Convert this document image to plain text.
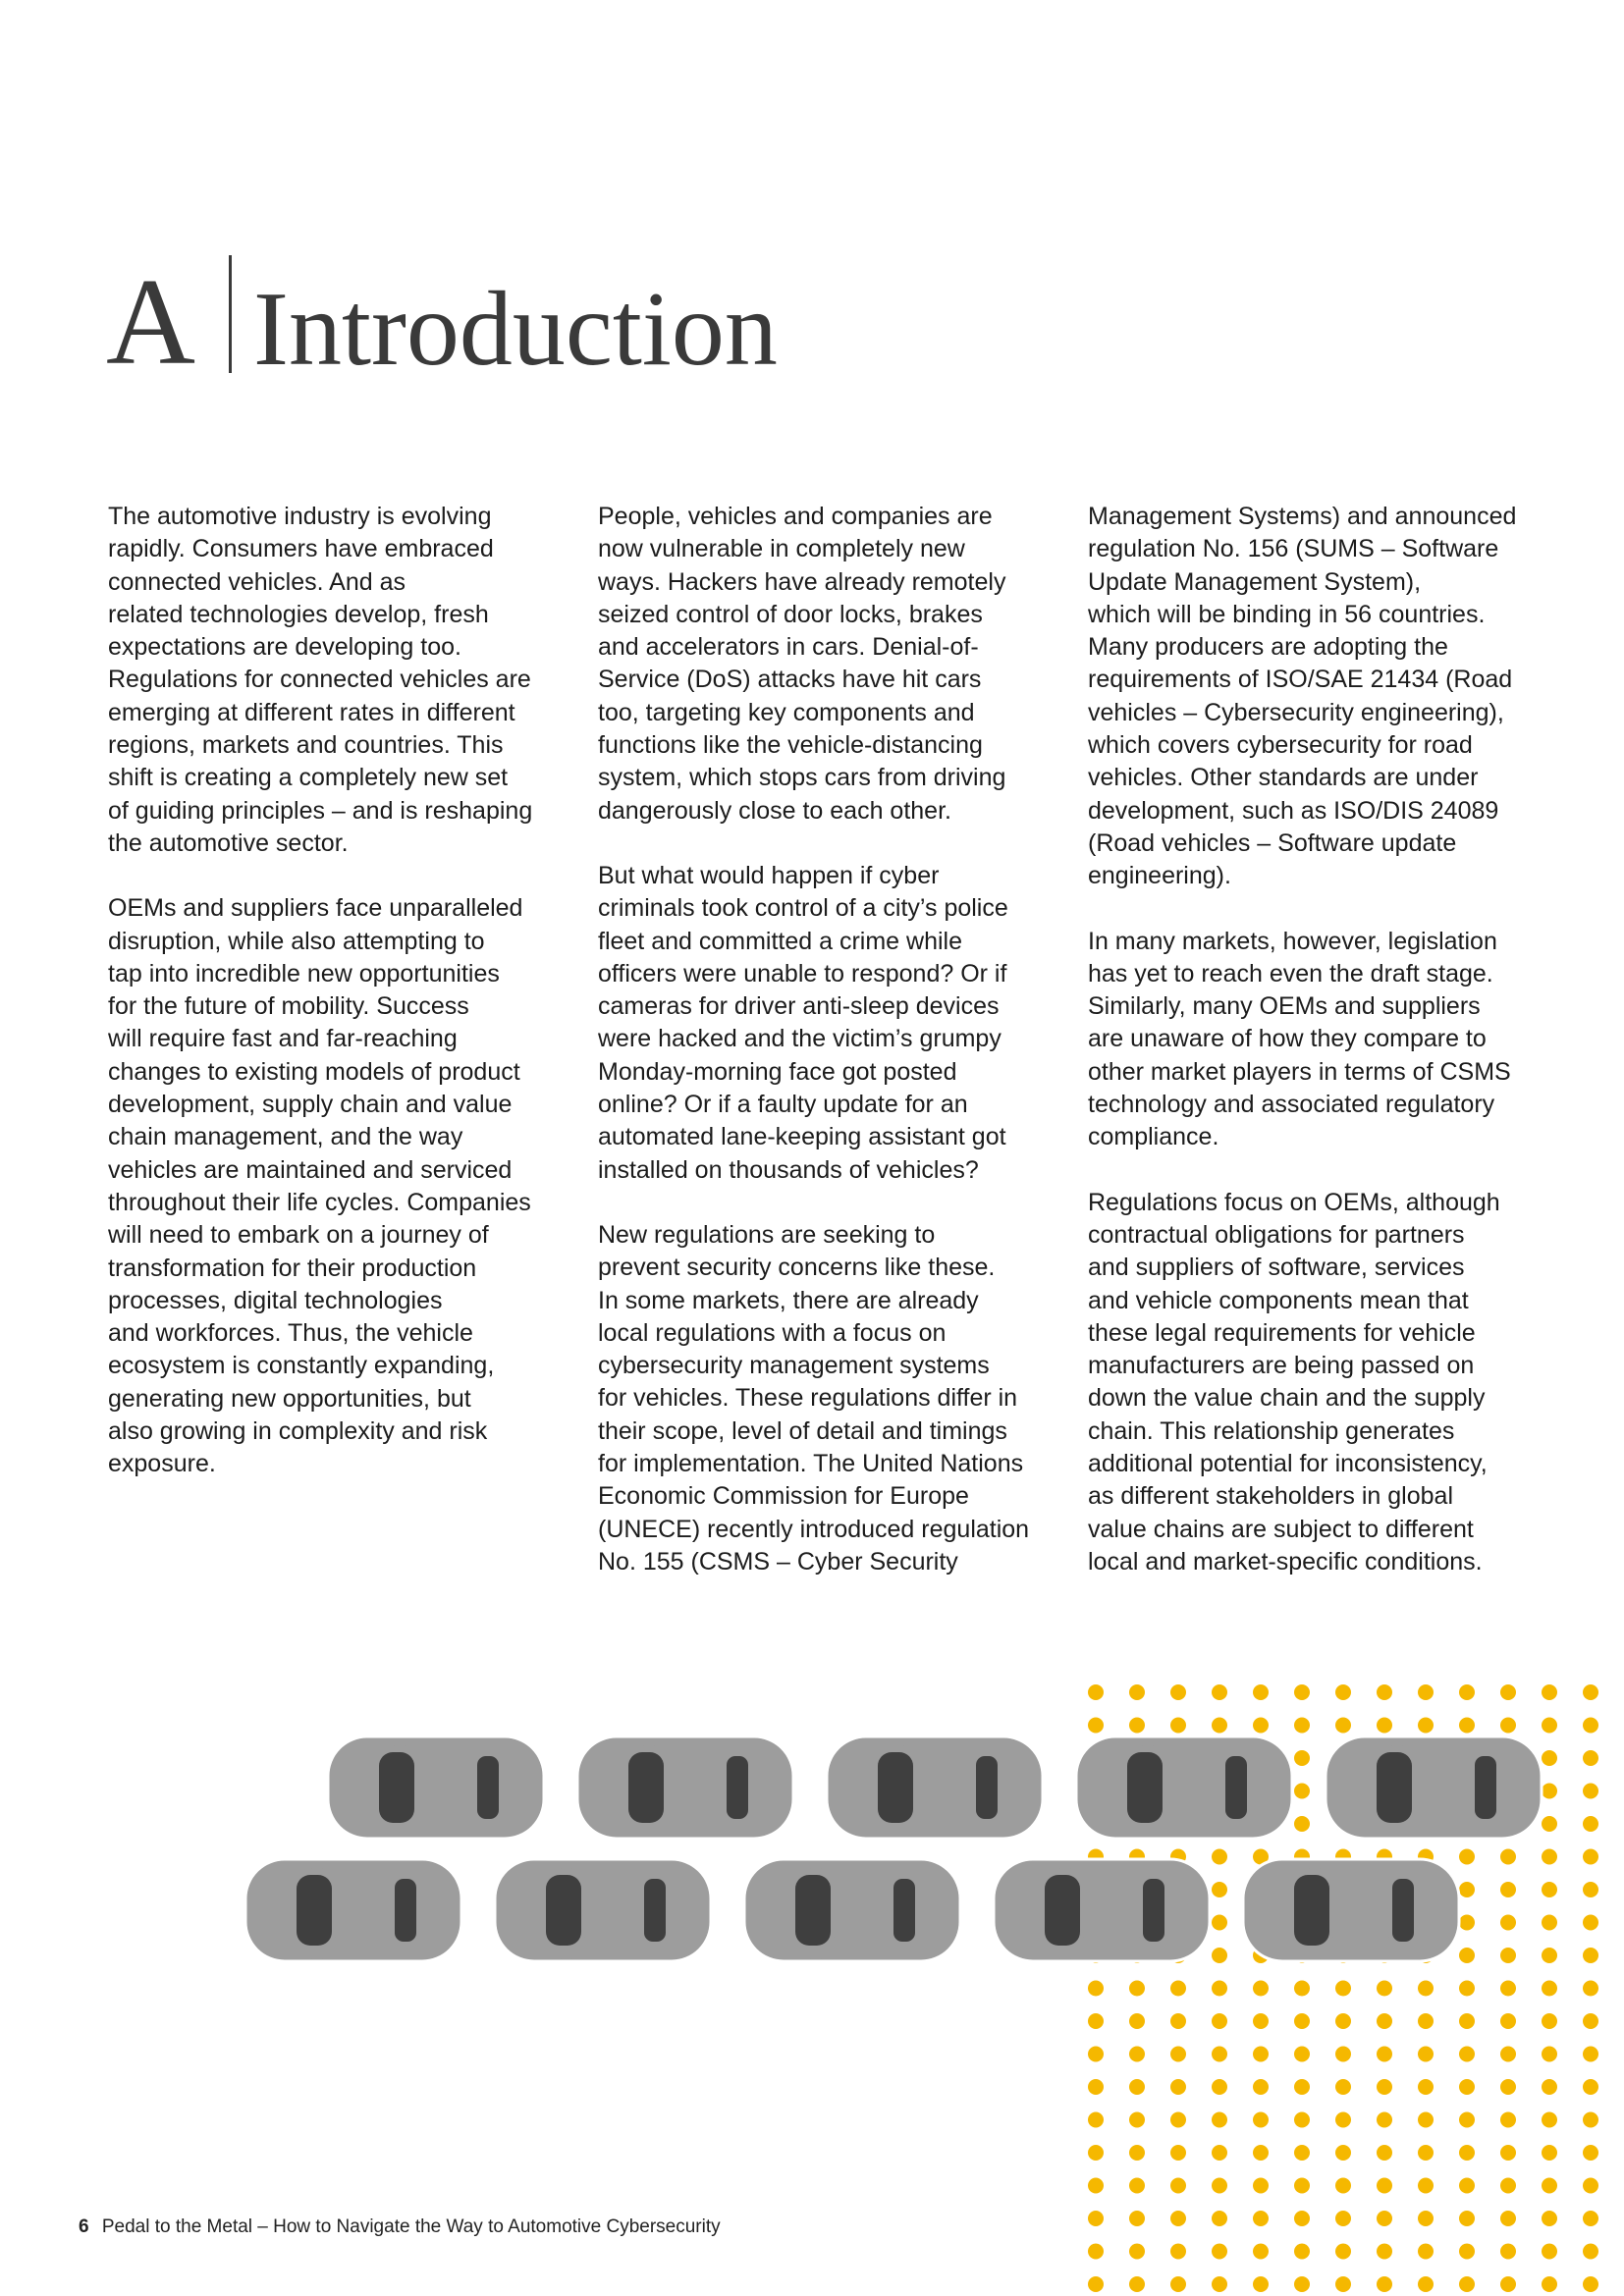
A Introduction

The automotive industry is evolving
rapidly. Consumers have embraced
connected vehicles. And as
related technologies develop, fresh
expectations are developing too.
Regulations for connected vehicles are
emerging at different rates in different
regions, markets and countries. This
shift is creating a completely new set
of guiding principles – and is reshaping
the automotive sector.

OEMs and suppliers face unparalleled
disruption, while also attempting to
tap into incredible new opportunities
for the future of mobility. Success
will require fast and far-reaching
changes to existing models of product
development, supply chain and value
chain management, and the way
vehicles are maintained and serviced
throughout their life cycles. Companies
will need to embark on a journey of
transformation for their production
processes, digital technologies
and workforces. Thus, the vehicle
ecosystem is constantly expanding,
generating new opportunities, but
also growing in complexity and risk
exposure.

People, vehicles and companies are
now vulnerable in completely new
ways. Hackers have already remotely
seized control of door locks, brakes
and accelerators in cars. Denial-of-
Service (DoS) attacks have hit cars
too, targeting key components and
functions like the vehicle-distancing
system, which stops cars from driving
dangerously close to each other.

But what would happen if cyber
criminals took control of a city’s police
fleet and committed a crime while
officers were unable to respond? Or if
cameras for driver anti-sleep devices
were hacked and the victim’s grumpy
Monday-morning face got posted
online? Or if a faulty update for an
automated lane-keeping assistant got
installed on thousands of vehicles?

New regulations are seeking to
prevent security concerns like these.
In some markets, there are already
local regulations with a focus on
cybersecurity management systems
for vehicles. These regulations differ in
their scope, level of detail and timings
for implementation. The United Nations
Economic Commission for Europe
(UNECE) recently introduced regulation
No. 155 (CSMS – Cyber Security

Management Systems) and announced
regulation No. 156 (SUMS – Software
Update Management System),
which will be binding in 56 countries.
Many producers are adopting the
requirements of ISO/SAE 21434 (Road
vehicles – Cybersecurity engineering),
which covers cybersecurity for road
vehicles. Other standards are under
development, such as ISO/DIS 24089
(Road vehicles – Software update
engineering).

In many markets, however, legislation
has yet to reach even the draft stage.
Similarly, many OEMs and suppliers
are unaware of how they compare to
other market players in terms of CSMS
technology and associated regulatory
compliance.

Regulations focus on OEMs, although
contractual obligations for partners
and suppliers of software, services
and vehicle components mean that
these legal requirements for vehicle
manufacturers are being passed on
down the value chain and the supply
chain. This relationship generates
additional potential for inconsistency,
as different stakeholders in global
value chains are subject to different
local and market-specific conditions.

6 Pedal to the Metal – How to Navigate the Way to Automotive Cybersecurity
